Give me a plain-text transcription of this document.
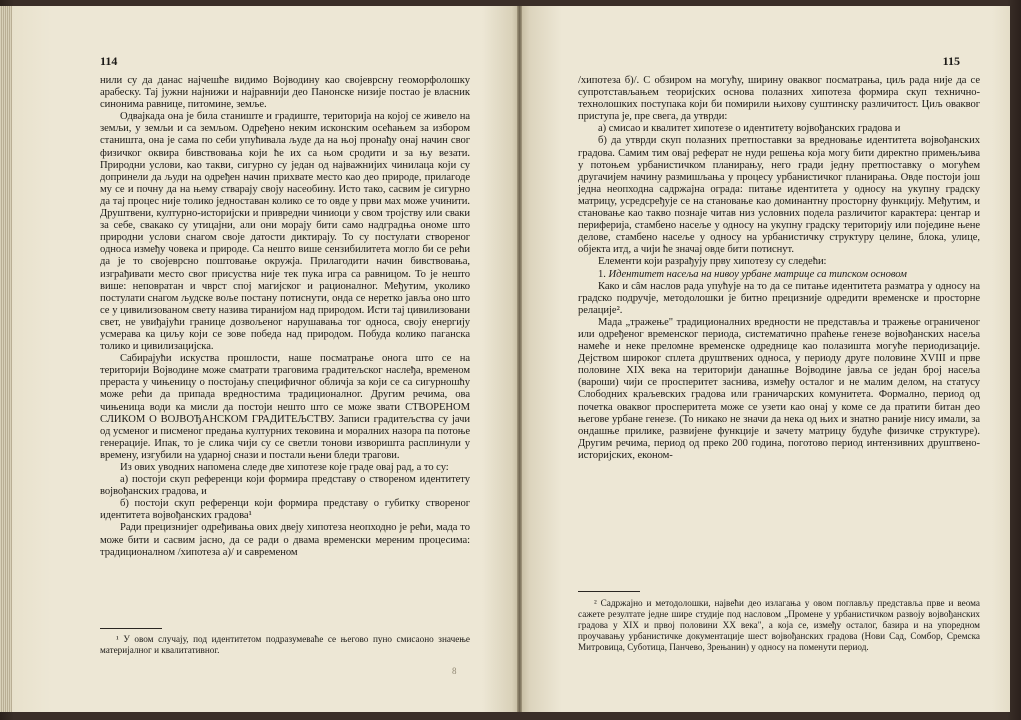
114

нили су да данас најчешће видимо Војводину као својеврсну геоморфолошку арабеску. Тај јужни најнижи и најравнији део Панонске низије постао је власник синонима равнице, питомине, земље.

Одвајкада она је била станиште и градиште, територија на којој се живело на земљи, у земљи и са земљом. Одређено неким исконским осећањем за избором станишта, она је сама по себи упућивала људе да на њој пронађу онај начин свог физичког оквира бивствовања који ће их са њом сродити и за њу везати. Природни услови, као такви, сигурно су један од најважнијих чинилаца који су допринели да људи на одређен начин прихвате место као део природе, прилагоде му се и почну да на њему стварају своју насеобину. Исто тако, сасвим је сигурно да тај процес није толико једноставан колико се то овде у први мах може учинити. Друштвени, културно-историјски и привредни чиниоци у свом тројству или сваки за себе, свакако су утицајни, али они морају бити само надградња ономе што природни услови снагом своје датости диктирају. То су постулати створеног односа између човека и природе. Са нешто више сензибилитета могло би се рећи да је то својеврсно поштовање окружја. Прилагодити начин бивствовања, изграђивати место свог присуства није тек пука игра са равницом. То је нешто више: неповратан и чврст спој магијског и рационалног. Међутим, уколико постулати снагом људске воље постану потиснути, онда се неретко јавља оно што се у цивилизованом свету назива тиранијом над природом. Исти тај цивилизовани свет, не увиђајући границе дозвољеног нарушавања тог односа, своју енергију усмерава ка циљу који се зове победа над природом. Побуда колико паганска толико и цивилизацијска.

Сабирајући искуства прошлости, наше посматрање онога што се на територији Војводине може сматрати траговима градитељског наслеђа, временом прераста у чињеницу о постојању специфичног обличја за који се са сигурношћу може рећи да припада вредностима традиционалног. Другим речима, ова чињеница води ка мисли да постоји нешто што се може звати СТВОРЕНОМ СЛИКОМ О ВОЈВОЂАНСКОМ ГРАДИТЕЉСТВУ. Записи градитељства су јачи од усменог и писменог предања културних тековина и моралних назора па потоње генерације. Ипак, то је слика чији су се светли тонови изворишта расплинули у времену, изгубили на ударној снази и постали њени бледи трагови.

Из ових уводних напомена следе две хипотезе које граде овај рад, а то су:

а) постоји скуп референци који формира представу о створеном идентитету војвођанских градова, и

б) постоји скуп референци који формира представу о губитку створеног идентитета војвођанских градова¹

Ради прецизнијег одређивања ових двеју хипотеза неопходно је рећи, мада то може бити и сасвим јасно, да се ради о двама временски мереним процесима: традиционалном /хипотеза а)/ и савременом

¹ У овом случају, под идентитетом подразумеваће се његово пуно смисаоно значење материјалног и квалитативног.

8
115

/хипотеза б)/. С обзиром на могућу, ширину оваквог посматрања, циљ рада није да се супротстављањем теоријских основа полазних хипотеза формира скуп технично-технолошких поступака који би помирили њихову суштинску различитост. Циљ оваквог приступа је, пре свега, да утврди:

а) смисао и квалитет хипотезе о идентитету војвођанских градова и

б) да утврди скуп полазних претпоставки за вредновање идентитета војвођанских градова. Самим тим овај реферат не нуди решења која могу бити директно примењљива у потоњем урбанистичком планирању, него гради једну претпоставку о могућем другачијем начину размишљања у процесу урбанистичког планирања. Овде постоји још једна неопходна садржајна ограда: питање идентитета у односу на укупну градску матрицу, усредсређује се на становање као доминантну просторну функцију. Међутим, и становање као такво познаје читав низ условних подела различитог карактера: центар и периферија, стамбено насеље у односу на укупну градску територију или поједине њене делове, стамбено насеље у односу на урбанистичку структуру целине, блока, улице, објекта итд, а чији ће значај овде бити потиснут.

Елементи који разрађују прву хипотезу су следећи:

1. Идентитет насеља на нивоу урбане матрице са типском основом

Како и сâм наслов рада упућује на то да се питање идентитета разматра у односу на градско подручје, методолошки је битно прецизније одредити временске и просторне релације².

Мада „тражење" традиционалних вредности не представља и тражење ограниченог или одређеног временског периода, систематично праћење генезе војвођанских насеља намеће и неке преломне временске одреднице као полазишта могуће периодизације. Дејством широког сплета друштвених односа, у периоду друге половине XVIII и прве половине XIX века на територији данашње Војводине јавља се један број насеља (вароши) чији се просперитет заснива, између осталог и не малим делом, на статусу Слободних краљевских градова или граничарских комунитета. Формално, период од почетка оваквог просперитета може се узети као онај у коме се да пратити битан део његове урбане генезе. (То никако не значи да нека од њих и знатно раније нису имали, за ондашње прилике, развијене функције и зачету матрицу будуће физичке структуре). Другим речима, период од преко 200 година, поготово период интензивних друштвено-историјских, економ-

² Садржајно и методолошки, највећи део излагања у овом поглављу представља прве и веома сажете резултате једне шире студије под насловом „Промене у урбанистичком развоју војвођанских градова у XIX и првој половини XX века", а која се, између осталог, базира и на упоредном проучавању урбанистичке документације шест војвођанских градова (Нови Сад, Сомбор, Сремска Митровица, Суботица, Панчево, Зрењанин) у односу на поменути период.
